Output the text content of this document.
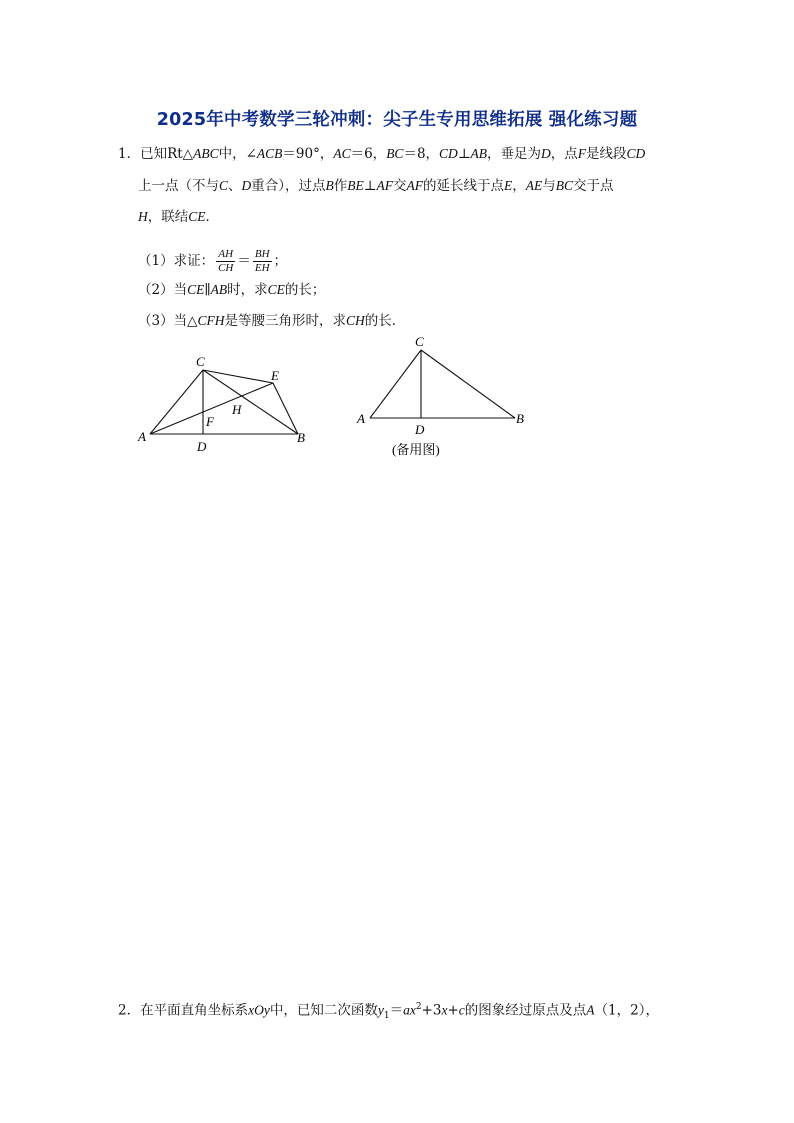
2025年中考数学三轮冲刺：尖子生专用思维拓展 强化练习题
1．已知Rt△ABC中，∠ACB＝90°，AC＝6，BC＝8，CD⊥AB，垂足为D，点F是线段CD
上一点（不与C、D重合），过点B作BE⊥AF交AF的延长线于点E，AE与BC交于点
H，联结CE．
（1）求证： $\frac{AH}{CH} = \frac{BH}{EH}$ ；
（2）当CE∥AB时，求CE的长；
（3）当△CFH是等腰三角形时，求CH的长．
C
E
H
F
A	B
D
C
A	B
D
(备用图)
2．在平面直角坐标系xOy中，已知二次函数$y_1=ax^2+3x+c$的图象经过原点及点A（1，2），
